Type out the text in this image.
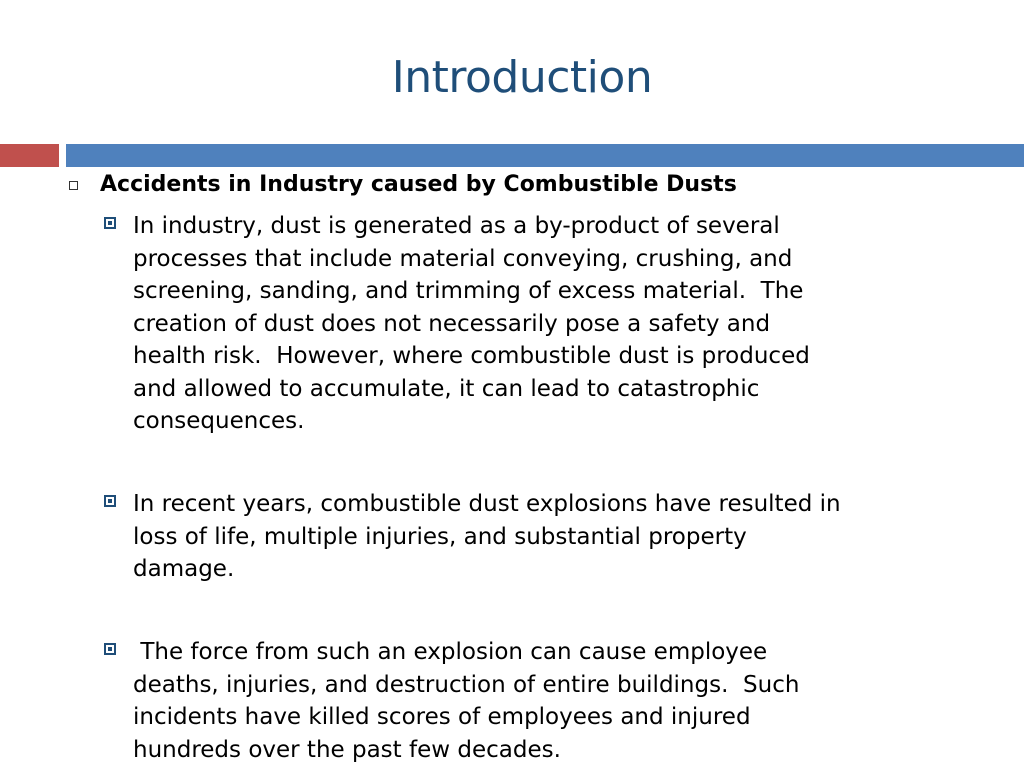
Introduction
Accidents in Industry caused by Combustible Dusts
In industry, dust is generated as a by-product of several
processes that include material conveying, crushing, and
screening, sanding, and trimming of excess material.  The
creation of dust does not necessarily pose a safety and
health risk.  However, where combustible dust is produced
and allowed to accumulate, it can lead to catastrophic
consequences.
In recent years, combustible dust explosions have resulted in
loss of life, multiple injuries, and substantial property
damage.
The force from such an explosion can cause employee
deaths, injuries, and destruction of entire buildings.  Such
incidents have killed scores of employees and injured
hundreds over the past few decades.
